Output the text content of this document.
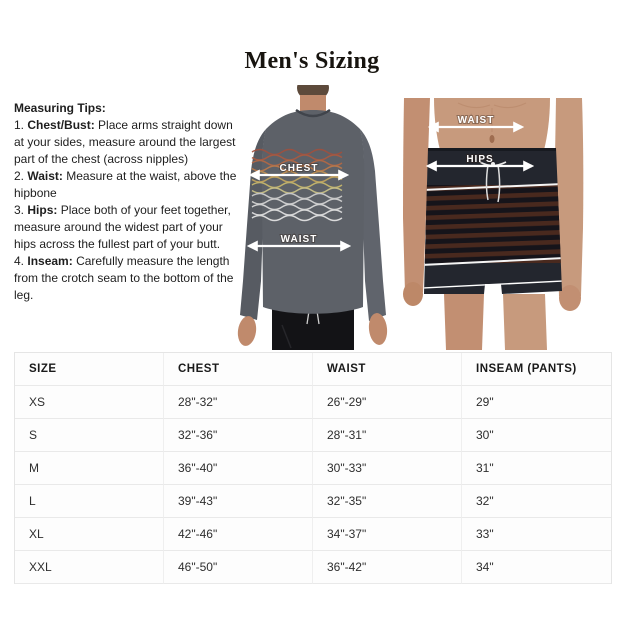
Men's Sizing

Measuring Tips:

1. Chest/Bust: Place arms straight down at your sides, measure around the largest part of the chest (across nipples)

2. Waist: Measure at the waist, above the hipbone

3. Hips: Place both of your feet together, measure around the widest part of your hips across the fullest part of your butt.

4. Inseam: Carefully measure the length from the crotch seam to the bottom of the leg.

CHEST
WAIST
WAIST
HIPS
SIZE	CHEST	WAIST	INSEAM (PANTS)
XS	28"-32"	26"-29"	29"
S	32"-36"	28"-31"	30"
M	36"-40"	30"-33"	31"
L	39"-43"	32"-35"	32"
XL	42"-46"	34"-37"	33"
XXL	46"-50"	36"-42"	34"
